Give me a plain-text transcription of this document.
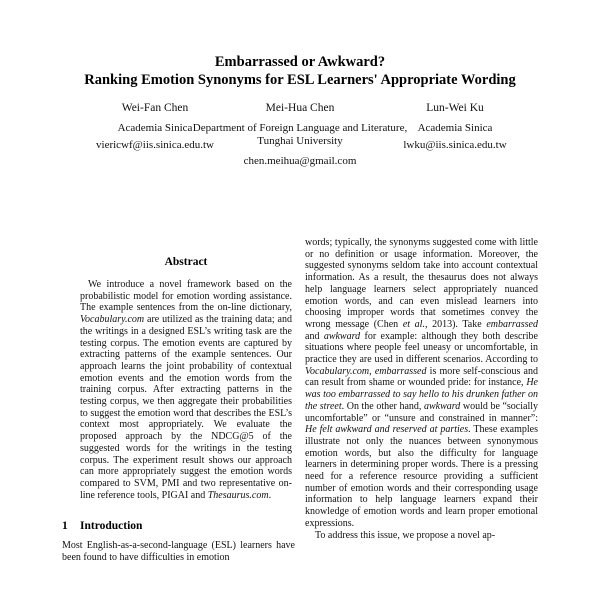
Embarrassed or Awkward?
Ranking Emotion Synonyms for ESL Learners' Appropriate Wording
Wei-Fan Chen
Academia Sinica
viericwf@iis.sinica.edu.tw
Mei-Hua Chen
Department of Foreign Language and Literature,
Tunghai University
chen.meihua@gmail.com
Lun-Wei Ku
Academia Sinica
lwku@iis.sinica.edu.tw
Abstract

We introduce a novel framework based on the probabilistic model for emotion wording assistance. The example sentences from the on-line dictionary, Vocabulary.com are utilized as the training data; and the writings in a designed ESL’s writing task are the testing corpus. The emotion events are captured by extracting patterns of the example sentences. Our approach learns the joint probability of contextual emotion events and the emotion words from the training corpus. After extracting patterns in the testing corpus, we then aggregate their probabilities to suggest the emotion word that describes the ESL’s context most appropriately. We evaluate the proposed approach by the NDCG@5 of the suggested words for the writings in the testing corpus. The experiment result shows our approach can more appropriately suggest the emotion words compared to SVM, PMI and two representative on-line reference tools, PIGAI and Thesaurus.com.

1 Introduction

Most English-as-a-second-language (ESL) learners have been found to have difficulties in emotion

words; typically, the synonyms suggested come with little or no definition or usage information. Moreover, the suggested synonyms seldom take into account contextual information. As a result, the thesaurus does not always help language learners select appropriately nuanced emotion words, and can even mislead learners into choosing improper words that sometimes convey the wrong message (Chen et al., 2013). Take embarrassed and awkward for example: although they both describe situations where people feel uneasy or uncomfortable, in practice they are used in different scenarios. According to Vocabulary.com, embarrassed is more self-conscious and can result from shame or wounded pride: for instance, He was too embarrassed to say hello to his drunken father on the street. On the other hand, awkward would be “socially uncomfortable” or “unsure and constrained in manner”: He felt awkward and reserved at parties. These examples illustrate not only the nuances between synonymous emotion words, but also the difficulty for language learners in determining proper words. There is a pressing need for a reference resource providing a sufficient number of emotion words and their corresponding usage information to help language learners expand their knowledge of emotion words and learn proper emotional expressions.

To address this issue, we propose a novel ap-
